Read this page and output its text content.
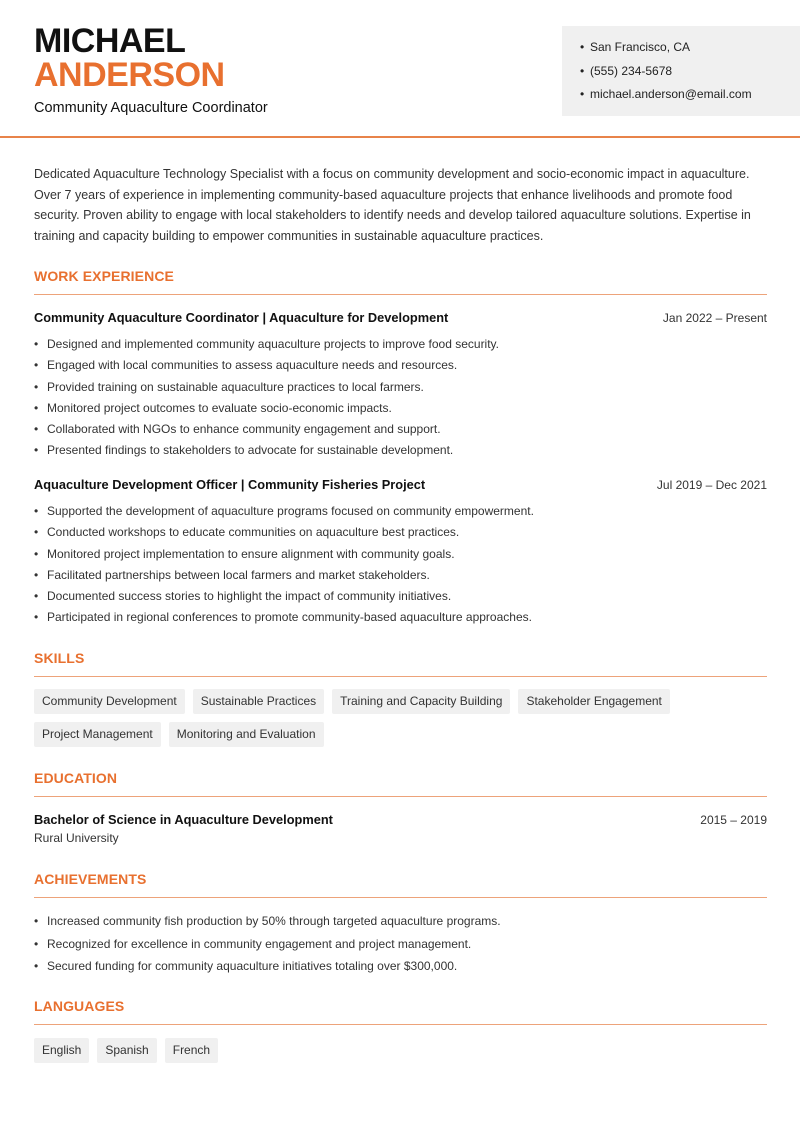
MICHAEL
ANDERSON
Community Aquaculture Coordinator
• San Francisco, CA
• (555) 234-5678
• michael.anderson@email.com

Dedicated Aquaculture Technology Specialist with a focus on community development and socio-economic impact in aquaculture. Over 7 years of experience in implementing community-based aquaculture projects that enhance livelihoods and promote food security. Proven ability to engage with local stakeholders to identify needs and develop tailored aquaculture solutions. Expertise in training and capacity building to empower communities in sustainable aquaculture practices.

WORK EXPERIENCE
Community Aquaculture Coordinator | Aquaculture for Development	Jan 2022 – Present
• Designed and implemented community aquaculture projects to improve food security.
• Engaged with local communities to assess aquaculture needs and resources.
• Provided training on sustainable aquaculture practices to local farmers.
• Monitored project outcomes to evaluate socio-economic impacts.
• Collaborated with NGOs to enhance community engagement and support.
• Presented findings to stakeholders to advocate for sustainable development.
Aquaculture Development Officer | Community Fisheries Project	Jul 2019 – Dec 2021
• Supported the development of aquaculture programs focused on community empowerment.
• Conducted workshops to educate communities on aquaculture best practices.
• Monitored project implementation to ensure alignment with community goals.
• Facilitated partnerships between local farmers and market stakeholders.
• Documented success stories to highlight the impact of community initiatives.
• Participated in regional conferences to promote community-based aquaculture approaches.
SKILLS
Community Development	Sustainable Practices	Training and Capacity Building	Stakeholder Engagement
Project Management	Monitoring and Evaluation
EDUCATION
Bachelor of Science in Aquaculture Development	2015 – 2019
Rural University
ACHIEVEMENTS
• Increased community fish production by 50% through targeted aquaculture programs.
• Recognized for excellence in community engagement and project management.
• Secured funding for community aquaculture initiatives totaling over $300,000.
LANGUAGES
English	Spanish	French
